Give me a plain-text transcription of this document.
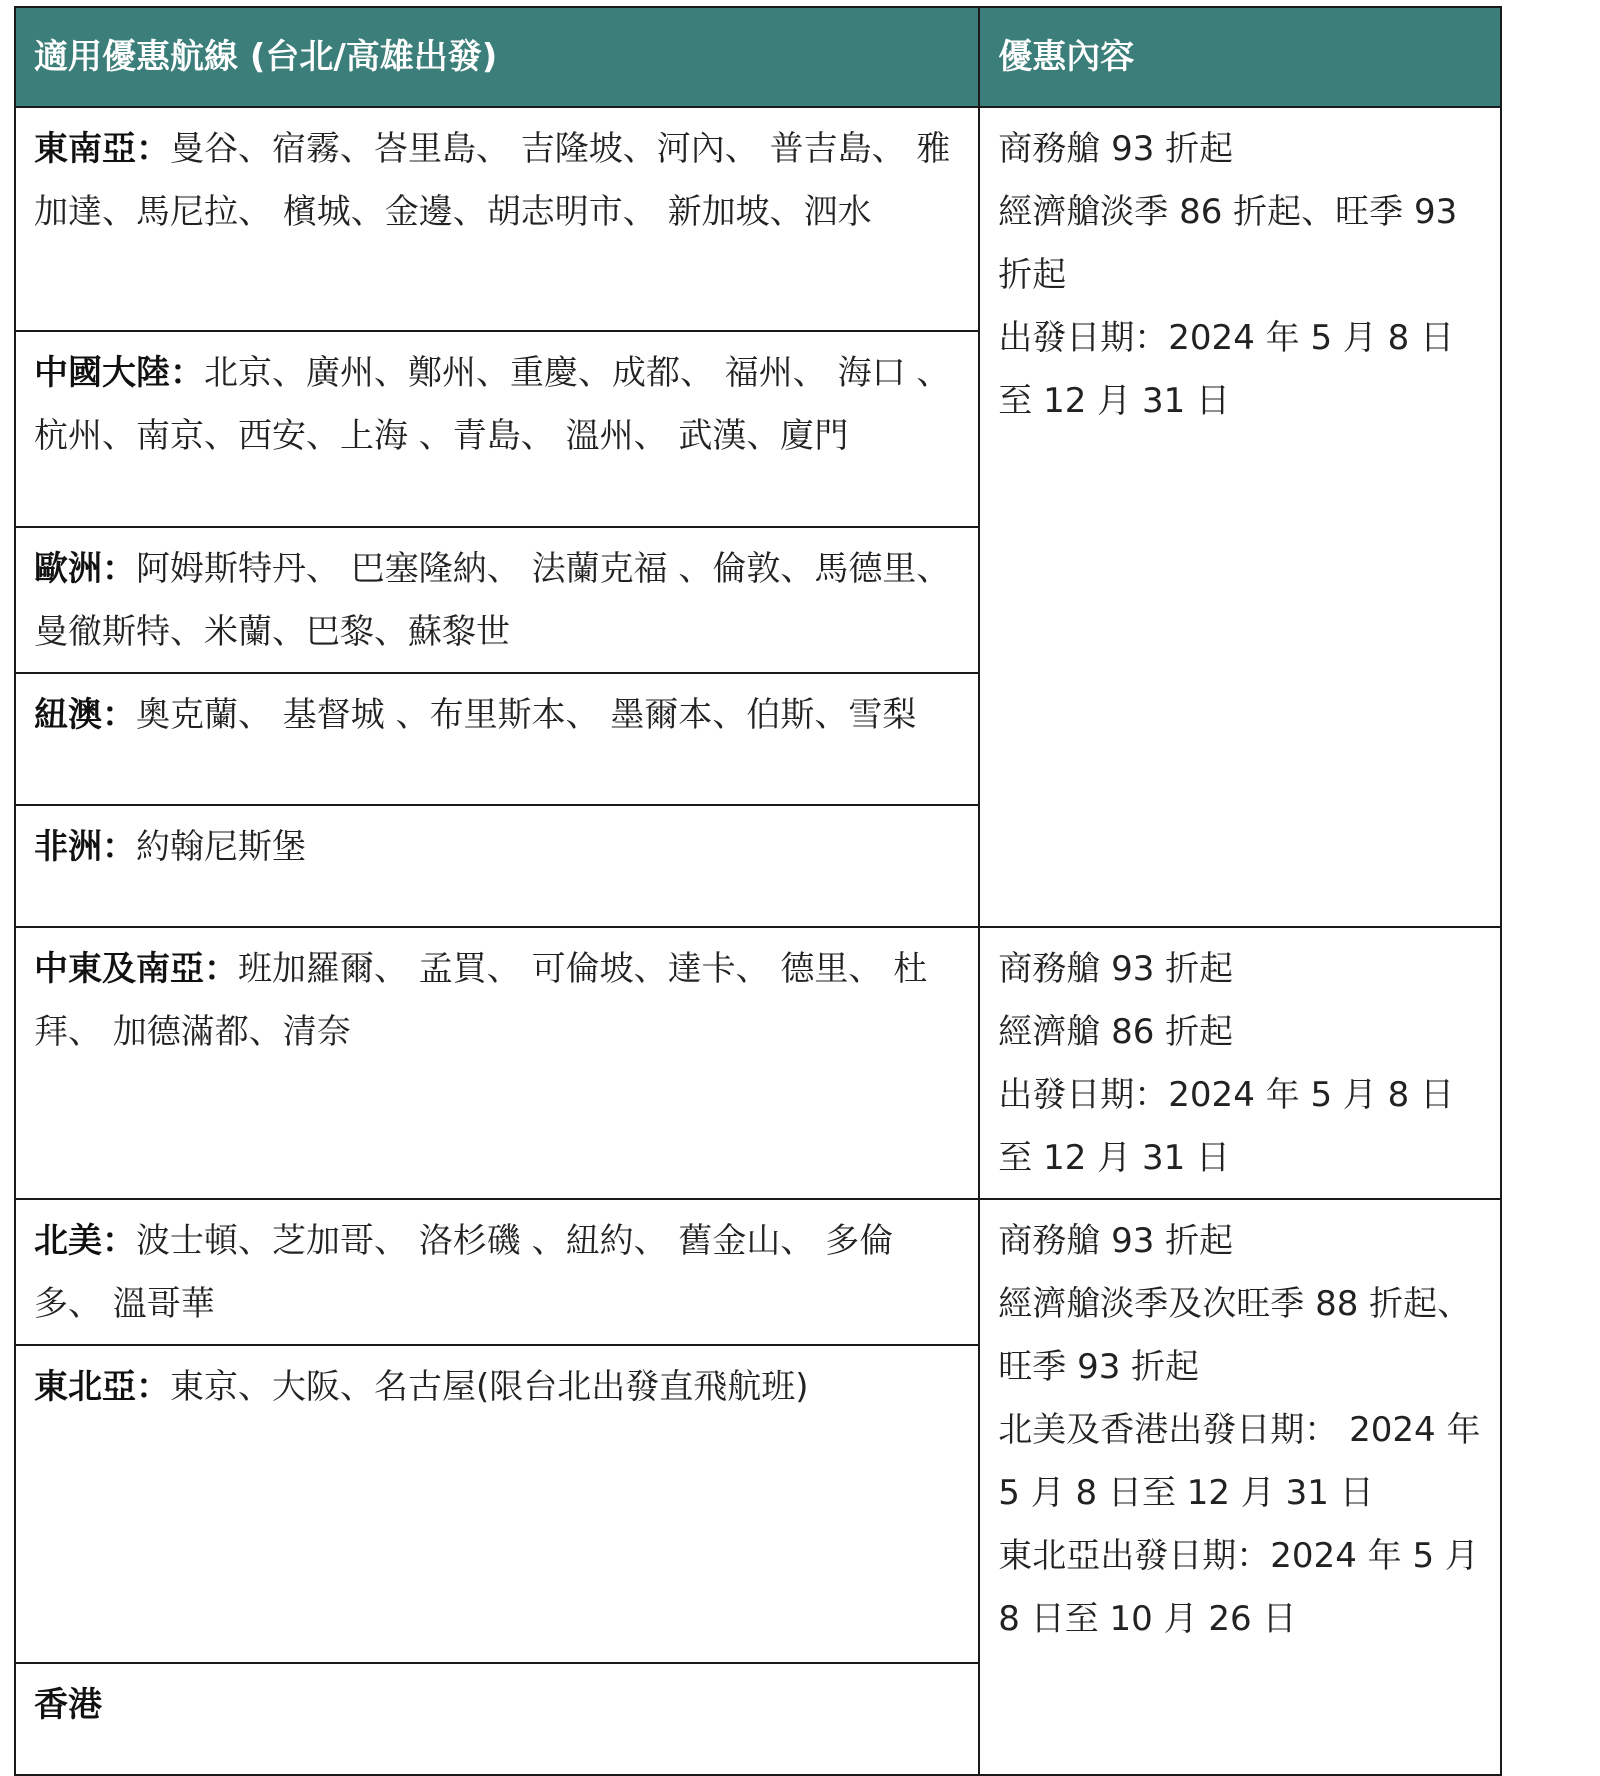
適用優惠航線 (台北/高雄出發)	優惠內容
東南亞：曼谷、宿霧、峇里島、 吉隆坡、河內、 普吉島、 雅加達、馬尼拉、 檳城、金邊、胡志明市、 新加坡、泗水	商務艙 93 折起
經濟艙淡季 86 折起、旺季 93 折起
出發日期：2024 年 5 月 8 日至 12 月 31 日

中國大陸：北京、廣州、鄭州、重慶、成都、 福州、 海口 、杭州、南京、西安、上海 、青島、 溫州、 武漢、廈門	
歐洲：阿姆斯特丹、 巴塞隆納、 法蘭克福 、倫敦、馬德里、曼徹斯特、米蘭、巴黎、蘇黎世	
紐澳：奧克蘭、 基督城 、布里斯本、 墨爾本、伯斯、雪梨	
非洲：約翰尼斯堡	
中東及南亞：班加羅爾、 孟買、 可倫坡、達卡、 德里、 杜拜、 加德滿都、清奈	商務艙 93 折起
經濟艙 86 折起
出發日期：2024 年 5 月 8 日至 12 月 31 日

北美：波士頓、芝加哥、 洛杉磯 、紐約、 舊金山、 多倫多、 溫哥華	商務艙 93 折起
經濟艙淡季及次旺季 88 折起、旺季 93 折起
北美及香港出發日期： 2024 年 5 月 8 日至 12 月 31 日
東北亞出發日期：2024 年 5 月 8 日至 10 月 26 日

東北亞：東京、大阪、名古屋(限台北出發直飛航班)	
香港	
